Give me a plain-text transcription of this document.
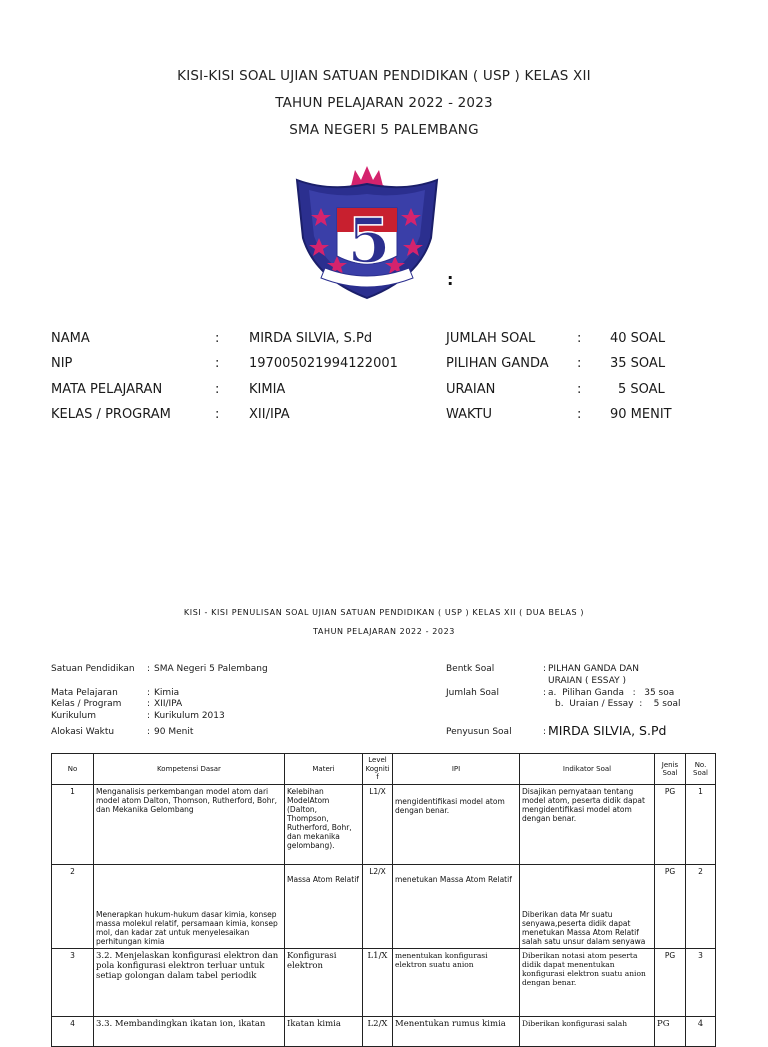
KISI-KISI SOAL UJIAN SATUAN PENDIDIKAN ( USP ) KELAS XII
TAHUN PELAJARAN 2022 - 2023
SMA NEGERI 5 PALEMBANG
5
:
NAMA	: MIRDA SILVIA, S.Pd	JUMLAH SOAL	: 40 SOAL
NIP	: 197005021994122001	PILIHAN GANDA : 35 SOAL
MATA PELAJARAN	: KIMIA	URAIAN	:	5 SOAL
KELAS / PROGRAM	: XII/IPA	WAKTU	: 90 MENIT
KISI - KISI PENULISAN SOAL UJIAN SATUAN PENDIDIKAN ( USP ) KELAS XII ( DUA BELAS )
TAHUN PELAJARAN 2022 - 2023
Satuan Pendidikan : SMA Negeri 5 Palembang
Mata Pelajaran	: Kimia
Kelas / Program	: XII/IPA
Kurikulum	: Kurikulum 2013
Alokasi Waktu	: 90 Menit
Bentk Soal	: PILHAN GANDA DAN
URAIAN ( ESSAY )
Jumlah Soal	: a.  Pilihan Ganda   :   35 soa
b.  Uraian / Essay  :    5 soal
Penyusun Soal	: MIRDA SILVIA, S.Pd
No	Kompetensi Dasar	Materi	Level Kogniti f	IPI	Indikator Soal	Jenis Soal	No. Soal
1	Menganalisis perkembangan model atom dari model atom Dalton, Thomson, Rutherford, Bohr, dan Mekanika Gelombang	Kelebihan ModelAtom (Dalton, Thompson, Rutherford, Bohr, dan mekanika gelombang).	L1/X	mengidentifikasi model atom dengan benar.	Disajikan pernyataan tentang model atom, peserta didik dapat mengidentifikasi model atom dengan benar.	PG	1
2	Menerapkan hukum-hukum dasar kimia, konsep massa molekul relatif, persamaan kimia, konsep mol, dan kadar zat untuk menyelesaikan perhitungan kimia	Massa Atom Relatif	L2/X	menetukan Massa Atom Relatif	Diberikan data Mr suatu senyawa,peserta didik dapat menetukan Massa Atom Relatif salah satu unsur dalam senyawa	PG	2
3	3.2. Menjelaskan konfigurasi elektron dan pola konfigurasi elektron terluar untuk setiap golongan dalam tabel periodik	Konfigurasi elektron	L1/X	menentukan konfigurasi elektron suatu anion	Diberikan notasi atom peserta didik dapat menentukan konfigurasi elektron suatu anion dengan benar.	PG	3
4	3.3. Membandingkan ikatan ion, ikatan	Ikatan kimia	L2/X	Menentukan rumus kimia	Diberikan konfigurasi salah	PG	4
